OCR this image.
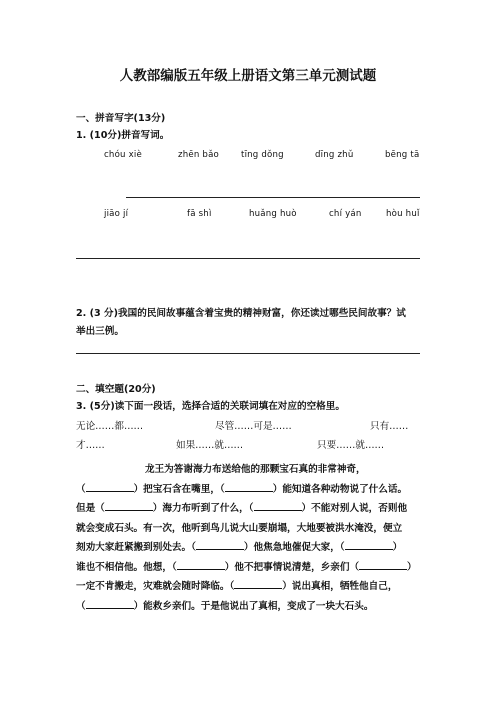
人教部编版五年级上册语文第三单元测试题
一、拼音写字(13分)
1. (10分)拼音写词。
chóu xiè	zhēn bǎo	tīng dǒng	dīng zhǔ	bēng tā
jiāo jí	fā shì	huǎng huò	chí yán	hòu huǐ
2. (3 分)我国的民间故事蕴含着宝贵的精神财富，你还读过哪些民间故事？试
举出三例。
二、填空题(20分)
3. (5分)读下面一段话，选择合适的关联词填在对应的空格里。
无论……都……	尽管……可是……	只有……
才……	如果……就……	只要……就……
龙王为答谢海力布送给他的那颗宝石真的非常神奇，
（	）把宝石含在嘴里，（	）能知道各种动物说了什么话。
但是（	）海力布听到了什么，（	）不能对别人说，否则他
就会变成石头。有一次，他听到鸟儿说大山要崩塌，大地要被洪水淹没，便立
刻劝大家赶紧搬到别处去。（	）他焦急地催促大家，（	）
谁也不相信他。他想，（	）他不把事情说清楚，乡亲们（	）
一定不肯搬走，灾难就会随时降临。（	）说出真相，牺牲他自己，
（	）能救乡亲们。于是他说出了真相，变成了一块大石头。
